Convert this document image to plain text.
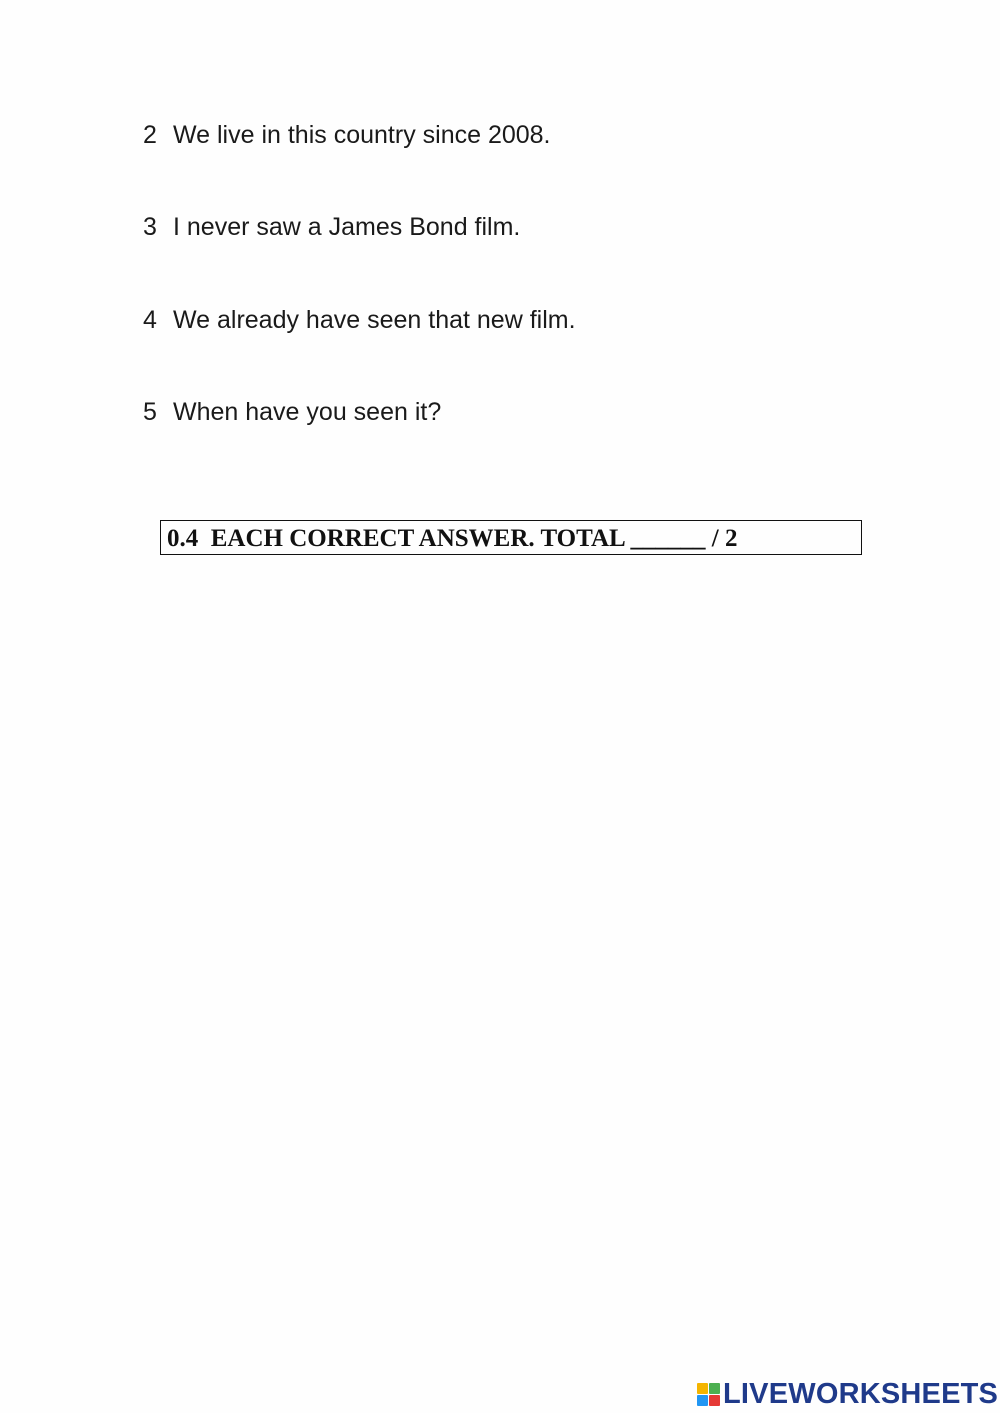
2 We live in this country since 2008.
3 I never saw a James Bond film.
4 We already have seen that new film.
5 When have you seen it?
0.4  EACH CORRECT ANSWER. TOTAL ______ / 2
LIVEWORKSHEETS
